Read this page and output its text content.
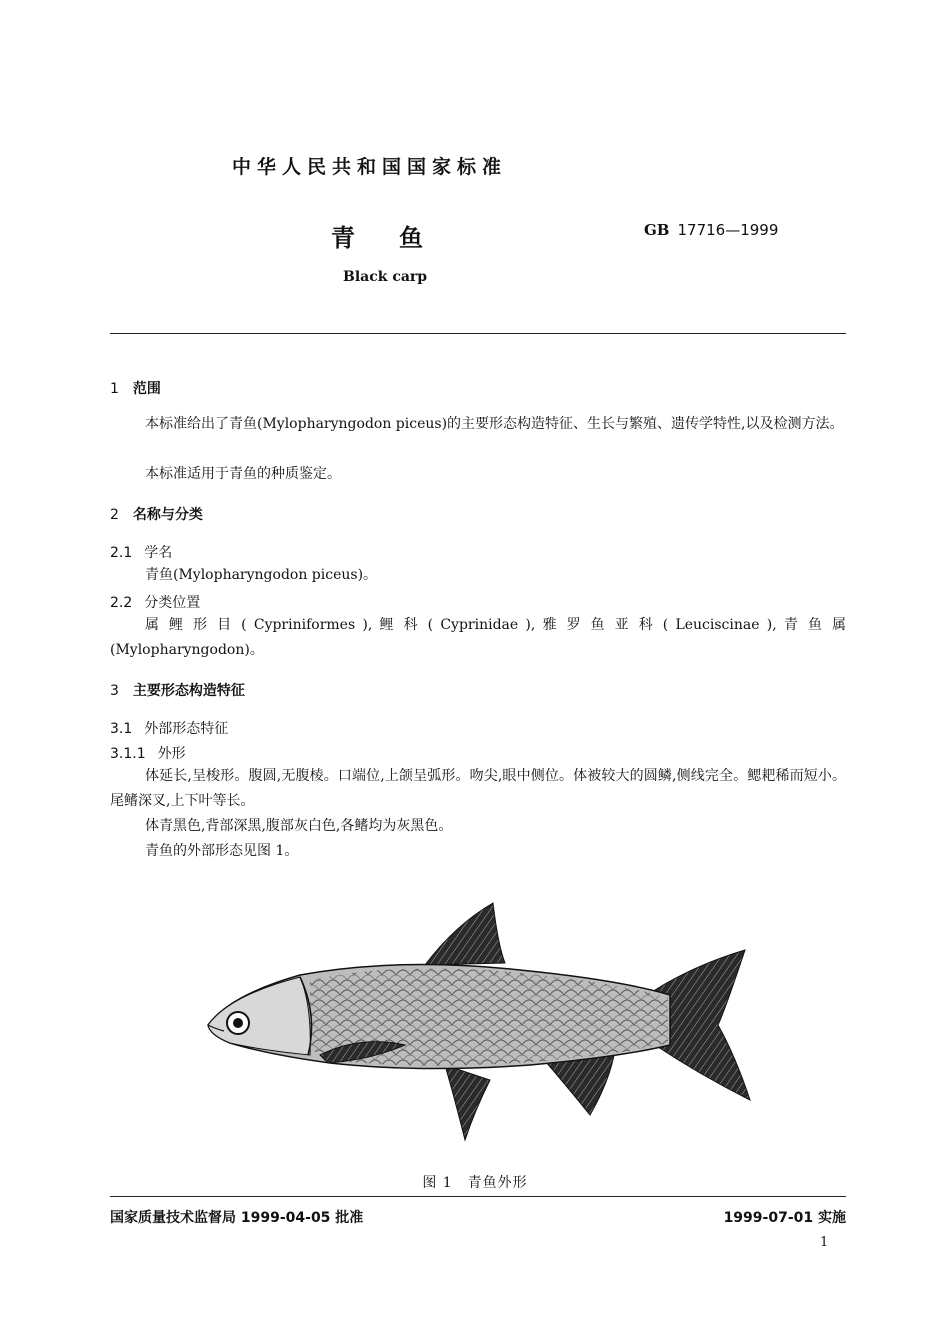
中华人民共和国国家标准
青鱼	GB 17716—1999
Black carp
1 范围
本标准给出了青鱼(Mylopharyngodon piceus)的主要形态构造特征、生长与繁殖、遗传学特性,以及检测方法。
本标准适用于青鱼的种质鉴定。
2 名称与分类
2.1 学名
青鱼(Mylopharyngodon piceus)。
2.2 分类位置
属 鲤 形 目 ( Cypriniformes ), 鲤 科 ( Cyprinidae ), 雅 罗 鱼 亚 科 ( Leuciscinae ), 青 鱼 属
(Mylopharyngodon)。
3 主要形态构造特征
3.1 外部形态特征
3.1.1 外形
体延长,呈梭形。腹圆,无腹棱。口端位,上颌呈弧形。吻尖,眼中侧位。体被较大的圆鳞,侧线完全。鳃耙稀而短小。尾鳍深叉,上下叶等长。
体青黑色,背部深黑,腹部灰白色,各鳍均为灰黑色。
青鱼的外部形态见图 1。
图 1　青鱼外形
国家质量技术监督局 1999-04-05 批准	1999-07-01 实施
1
